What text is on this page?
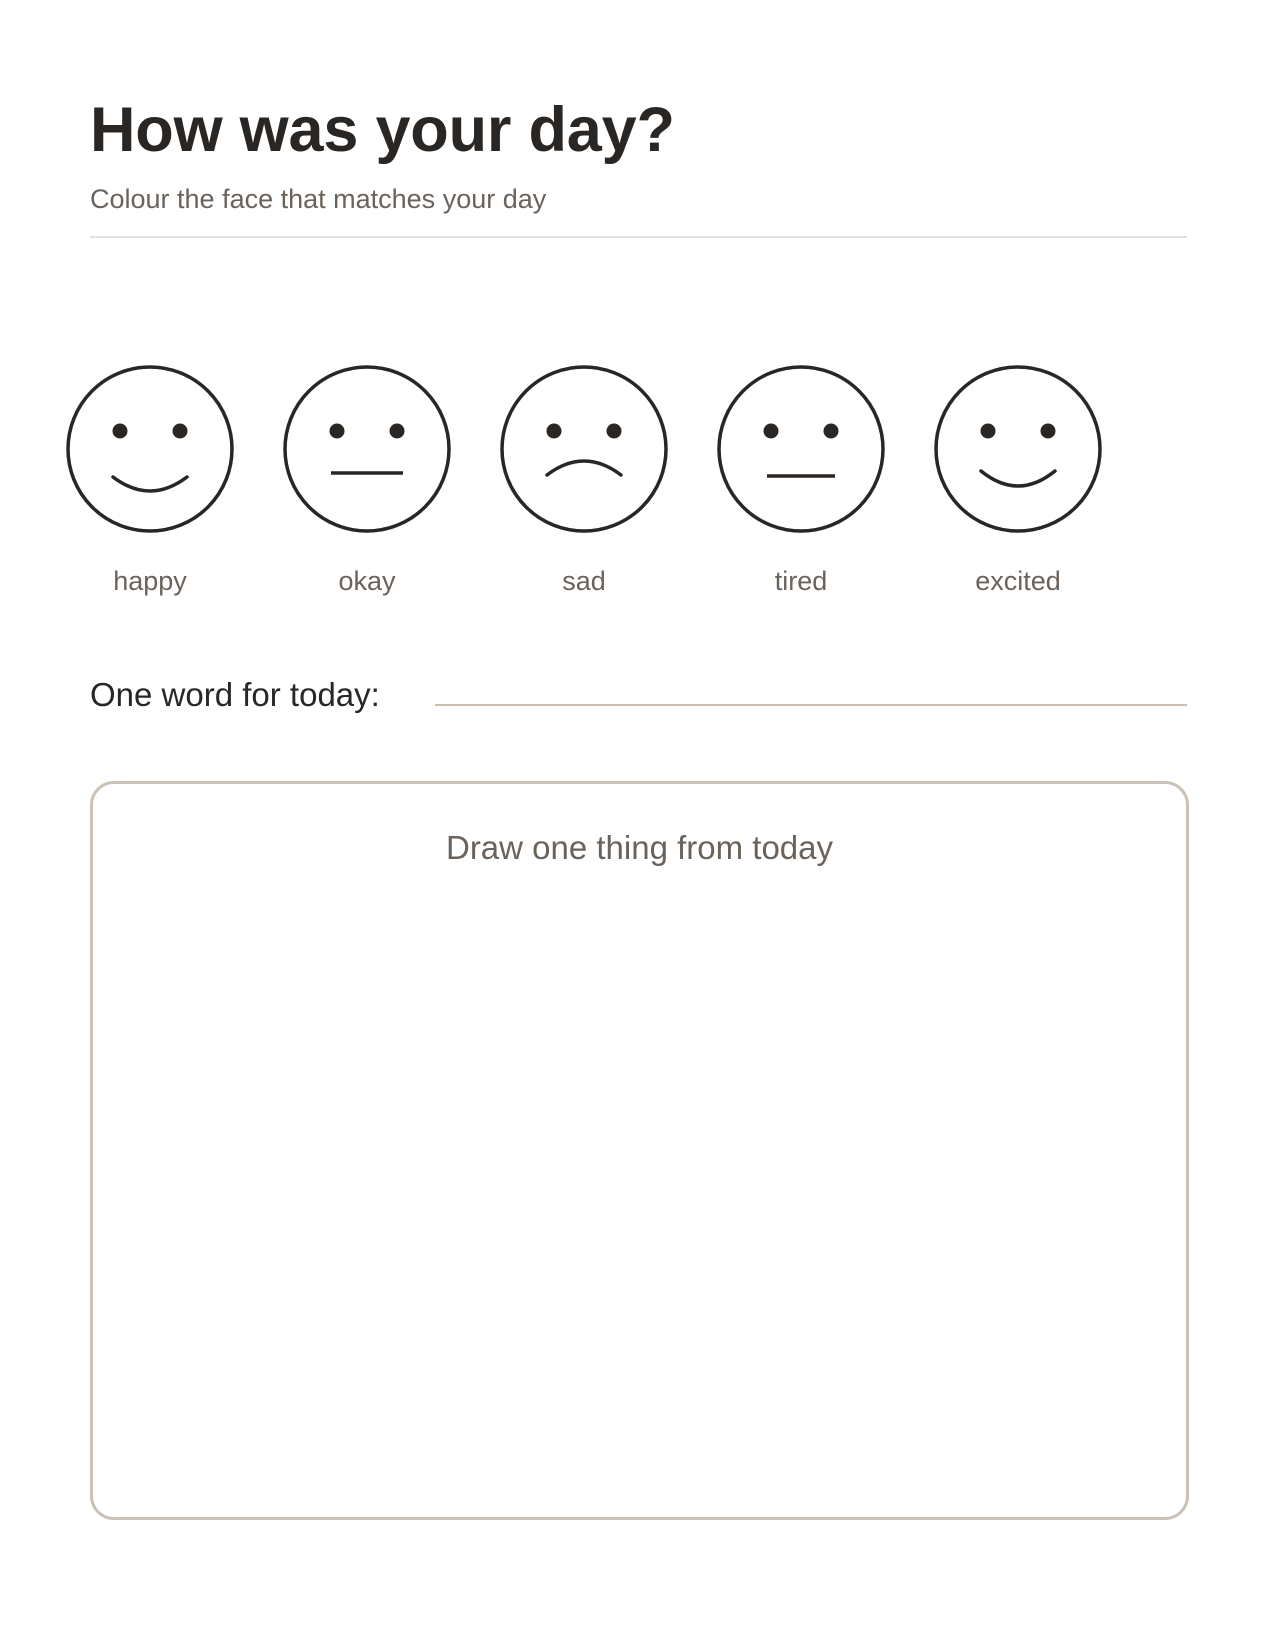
How was your day?

Colour the face that matches your day

happy	okay	sad	tired	excited
One word for today:
Draw one thing from today
